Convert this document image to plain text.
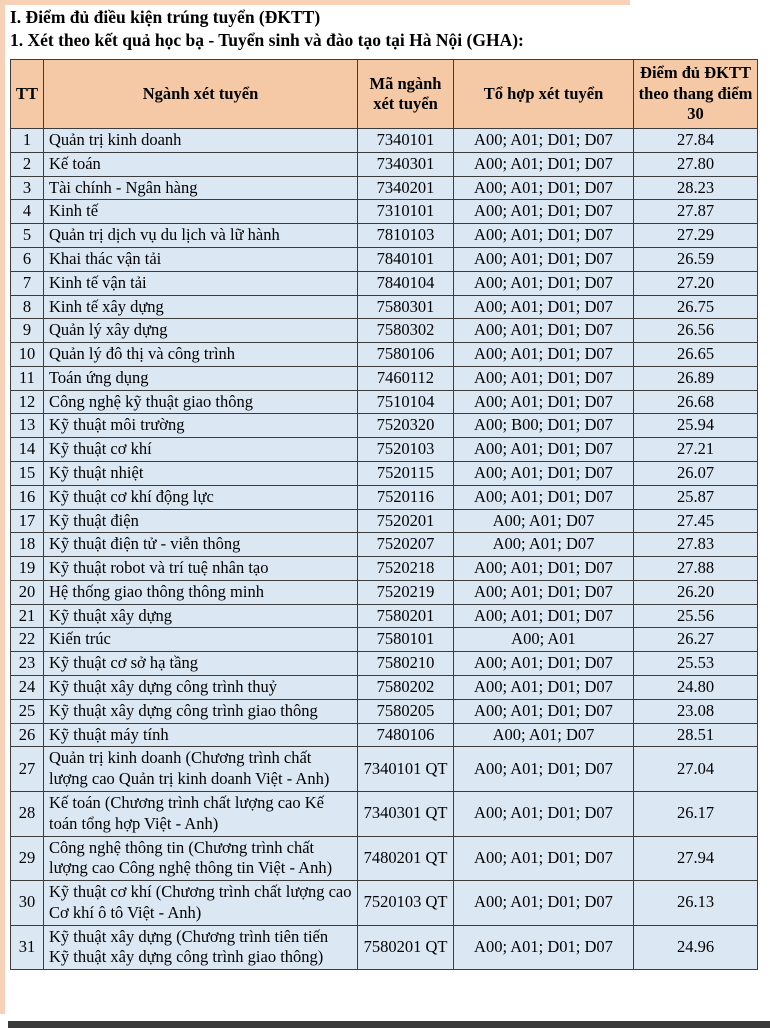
I. Điểm đủ điều kiện trúng tuyển (ĐKTT)
1. Xét theo kết quả học bạ - Tuyển sinh và đào tạo tại Hà Nội (GHA):
TT	Ngành xét tuyển	Mã ngành xét tuyển	Tổ hợp xét tuyển	Điểm đủ ĐKTT theo thang điểm 30
1	Quản trị kinh doanh	7340101	A00; A01; D01; D07	27.84
2	Kế toán	7340301	A00; A01; D01; D07	27.80
3	Tài chính - Ngân hàng	7340201	A00; A01; D01; D07	28.23
4	Kinh tế	7310101	A00; A01; D01; D07	27.87
5	Quản trị dịch vụ du lịch và lữ hành	7810103	A00; A01; D01; D07	27.29
6	Khai thác vận tải	7840101	A00; A01; D01; D07	26.59
7	Kinh tế vận tải	7840104	A00; A01; D01; D07	27.20
8	Kinh tế xây dựng	7580301	A00; A01; D01; D07	26.75
9	Quản lý xây dựng	7580302	A00; A01; D01; D07	26.56
10	Quản lý đô thị và công trình	7580106	A00; A01; D01; D07	26.65
11	Toán ứng dụng	7460112	A00; A01; D01; D07	26.89
12	Công nghệ kỹ thuật giao thông	7510104	A00; A01; D01; D07	26.68
13	Kỹ thuật môi trường	7520320	A00; B00; D01; D07	25.94
14	Kỹ thuật cơ khí	7520103	A00; A01; D01; D07	27.21
15	Kỹ thuật nhiệt	7520115	A00; A01; D01; D07	26.07
16	Kỹ thuật cơ khí động lực	7520116	A00; A01; D01; D07	25.87
17	Kỹ thuật điện	7520201	A00; A01; D07	27.45
18	Kỹ thuật điện tử - viễn thông	7520207	A00; A01; D07	27.83
19	Kỹ thuật robot và trí tuệ nhân tạo	7520218	A00; A01; D01; D07	27.88
20	Hệ thống giao thông thông minh	7520219	A00; A01; D01; D07	26.20
21	Kỹ thuật xây dựng	7580201	A00; A01; D01; D07	25.56
22	Kiến trúc	7580101	A00; A01	26.27
23	Kỹ thuật cơ sở hạ tầng	7580210	A00; A01; D01; D07	25.53
24	Kỹ thuật xây dựng công trình thuỷ	7580202	A00; A01; D01; D07	24.80
25	Kỹ thuật xây dựng công trình giao thông	7580205	A00; A01; D01; D07	23.08
26	Kỹ thuật máy tính	7480106	A00; A01; D07	28.51
27	Quản trị kinh doanh (Chương trình chất lượng cao Quản trị kinh doanh Việt - Anh)	7340101 QT	A00; A01; D01; D07	27.04
28	Kế toán (Chương trình chất lượng cao Kế toán tổng hợp Việt - Anh)	7340301 QT	A00; A01; D01; D07	26.17
29	Công nghệ thông tin (Chương trình chất lượng cao Công nghệ thông tin Việt - Anh)	7480201 QT	A00; A01; D01; D07	27.94
30	Kỹ thuật cơ khí (Chương trình chất lượng cao Cơ khí ô tô Việt - Anh)	7520103 QT	A00; A01; D01; D07	26.13
31	Kỹ thuật xây dựng (Chương trình tiên tiến Kỹ thuật xây dựng công trình giao thông)	7580201 QT	A00; A01; D01; D07	24.96
